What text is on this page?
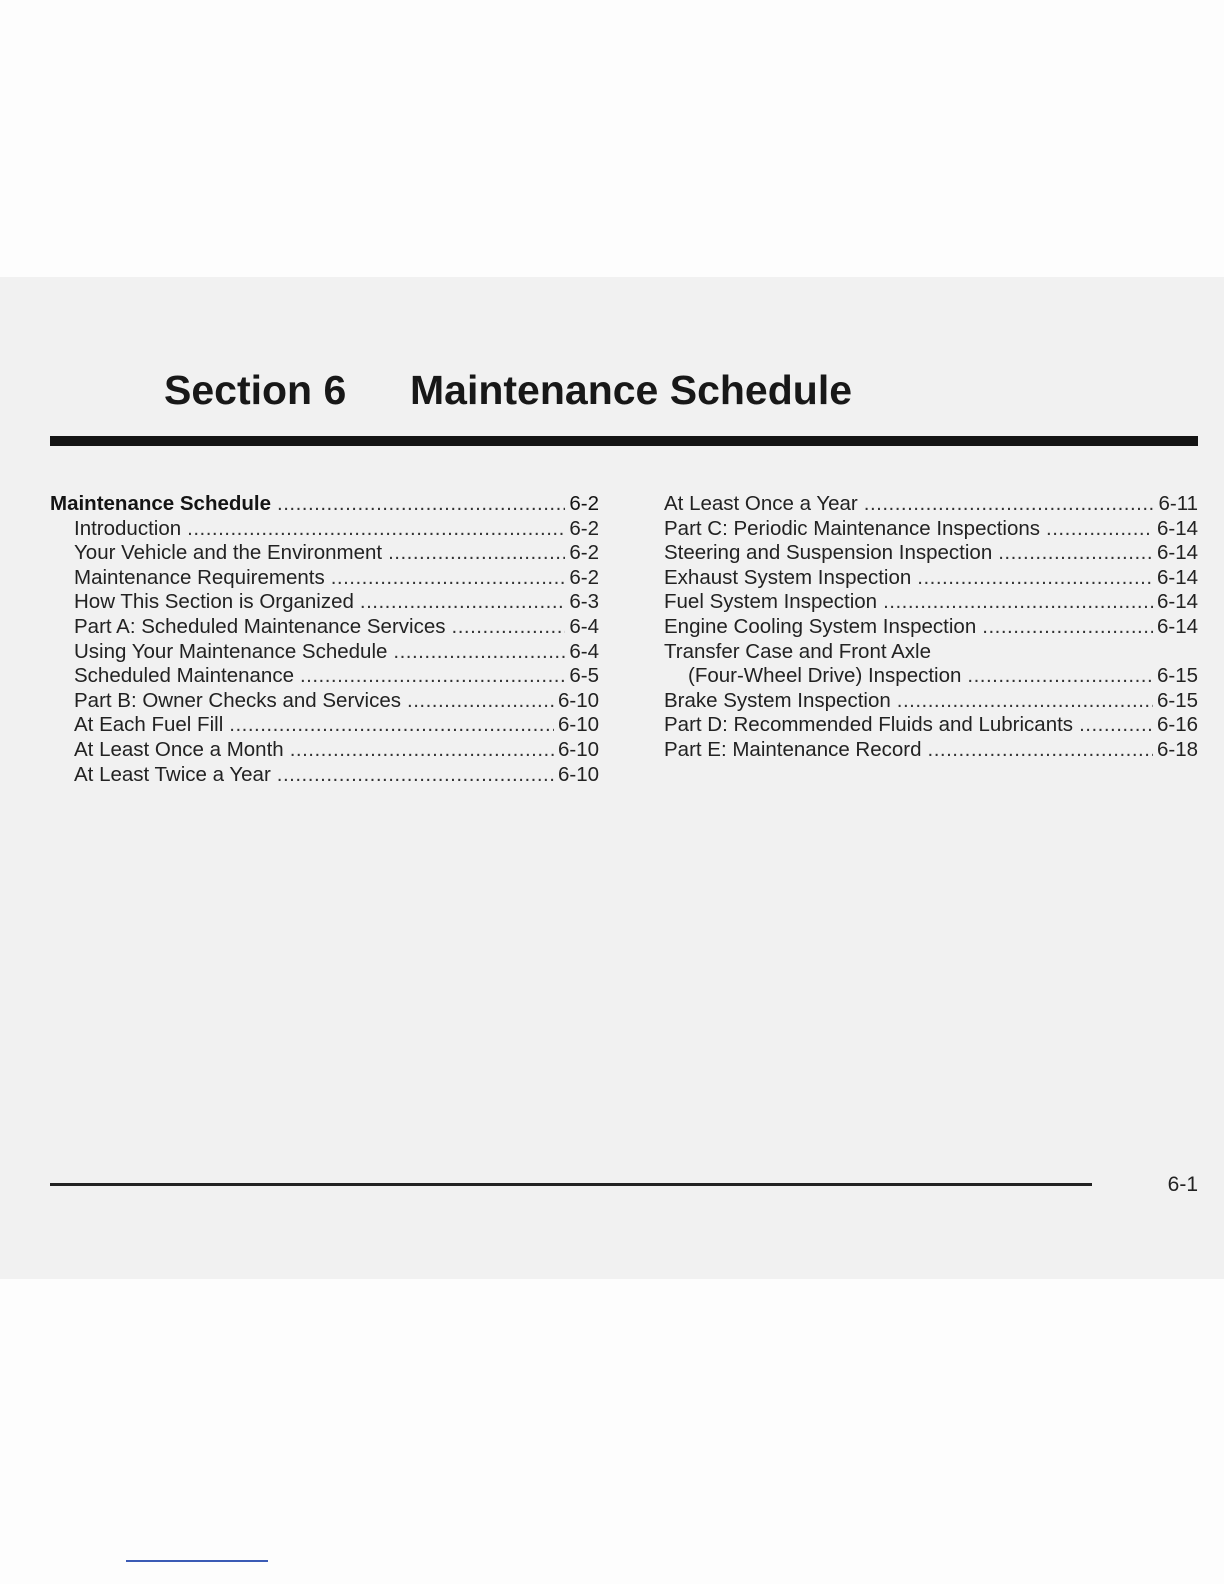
Section 6 Maintenance Schedule
Maintenance Schedule . . .	6-2
Introduction . . .	6-2
Your Vehicle and the Environment . . .	6-2
Maintenance Requirements . . .	6-2
How This Section is Organized . . .	6-3
Part A: Scheduled Maintenance Services . . .	6-4
Using Your Maintenance Schedule . . .	6-4
Scheduled Maintenance . . .	6-5
Part B: Owner Checks and Services . . .	6-10
At Each Fuel Fill . . .	6-10
At Least Once a Month . . .	6-10
At Least Twice a Year . . .	6-10
At Least Once a Year . . .	6-11
Part C: Periodic Maintenance Inspections . . .	6-14
Steering and Suspension Inspection . . .	6-14
Exhaust System Inspection . . .	6-14
Fuel System Inspection . . .	6-14
Engine Cooling System Inspection . . .	6-14
Transfer Case and Front Axle
(Four-Wheel Drive) Inspection . . .	6-15
Brake System Inspection . . .	6-15
Part D: Recommended Fluids and Lubricants . . .	6-16
Part E: Maintenance Record . . .	6-18
6-1
